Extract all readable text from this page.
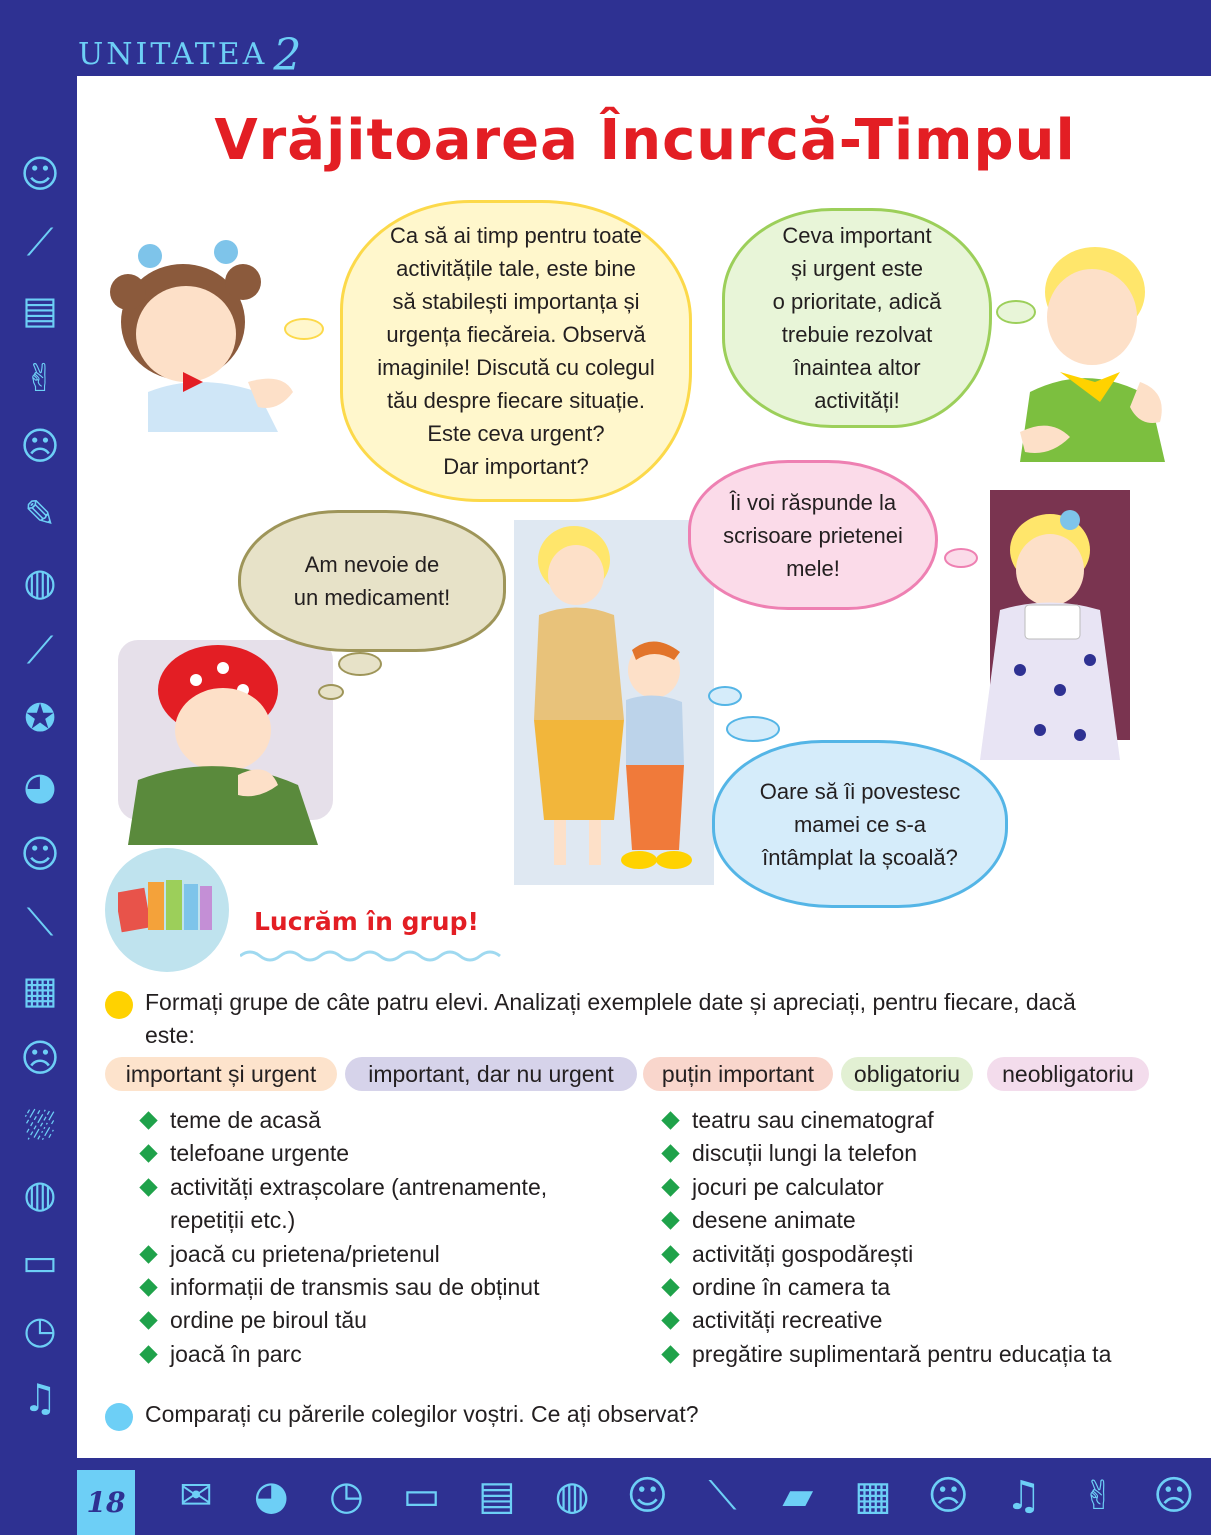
UNITATEA 2
☺
⟋
▤
✌
☹
✎
◍
⟋
✪
◕
☺
⟍
▦
☹
⛆
◍
▭
◷
♫
18	✉	◕	◷ ▭ ▤ ◍ ☺	⟍	▰	▦ ☹ ♫	✌ ☹
Vrăjitoarea Încurcă-Timpul
Ca să ai timp pentru toate
activitățile tale, este bine
să stabilești importanța și
urgența fiecăreia. Observă
imaginile! Discută cu colegul
tău despre fiecare situație.
Este ceva urgent?
Dar important?
Ceva important
și urgent este
o prioritate, adică
trebuie rezolvat
înaintea altor
activități!
Am nevoie de
un medicament!
Îi voi răspunde la
scrisoare prietenei
mele!
Oare să îi povestesc
mamei ce s-a
întâmplat la școală?
Lucrăm în grup!
Formați grupe de câte patru elevi. Analizați exemplele date și apreciați, pentru fiecare, dacă este:
important și urgent	important, dar nu urgent	puțin important	obligatoriu	neobligatoriu
teme de acasă
telefoane urgente
activități extrașcolare (antrenamente, repetiții etc.)
joacă cu prietena/prietenul
informații de transmis sau de obținut
ordine pe biroul tău
joacă în parc
teatru sau cinematograf
discuții lungi la telefon
jocuri pe calculator
desene animate
activități gospodărești
ordine în camera ta
activități recreative
pregătire suplimentară pentru educația ta
Comparați cu părerile colegilor voștri. Ce ați observat?
